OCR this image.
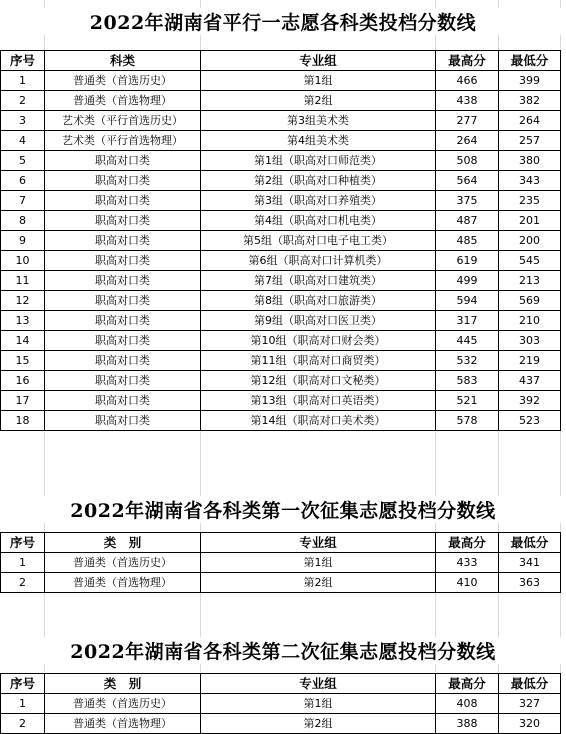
2022年湖南省平行一志愿各科类投档分数线
序号	科类	专业组	最高分	最低分
1	普通类（首选历史）	第1组	466	399
2	普通类（首选物理）	第2组	438	382
3	艺术类（平行首选历史）	第3组美术类	277	264
4	艺术类（平行首选物理）	第4组美术类	264	257
5	职高对口类	第1组（职高对口师范类）	508	380
6	职高对口类	第2组（职高对口种植类）	564	343
7	职高对口类	第3组（职高对口养殖类）	375	235
8	职高对口类	第4组（职高对口机电类）	487	201
9	职高对口类	第5组（职高对口电子电工类）	485	200
10	职高对口类	第6组（职高对口计算机类）	619	545
11	职高对口类	第7组（职高对口建筑类）	499	213
12	职高对口类	第8组（职高对口旅游类）	594	569
13	职高对口类	第9组（职高对口医卫类）	317	210
14	职高对口类	第10组（职高对口财会类）	445	303
15	职高对口类	第11组（职高对口商贸类）	532	219
16	职高对口类	第12组（职高对口文秘类）	583	437
17	职高对口类	第13组（职高对口英语类）	521	392
18	职高对口类	第14组（职高对口美术类）	578	523
2022年湖南省各科类第一次征集志愿投档分数线
序号	类　别	专业组	最高分	最低分
1	普通类（首选历史）	第1组	433	341
2	普通类（首选物理）	第2组	410	363
2022年湖南省各科类第二次征集志愿投档分数线
序号	类　别	专业组	最高分	最低分
1	普通类（首选历史）	第1组	408	327
2	普通类（首选物理）	第2组	388	320
